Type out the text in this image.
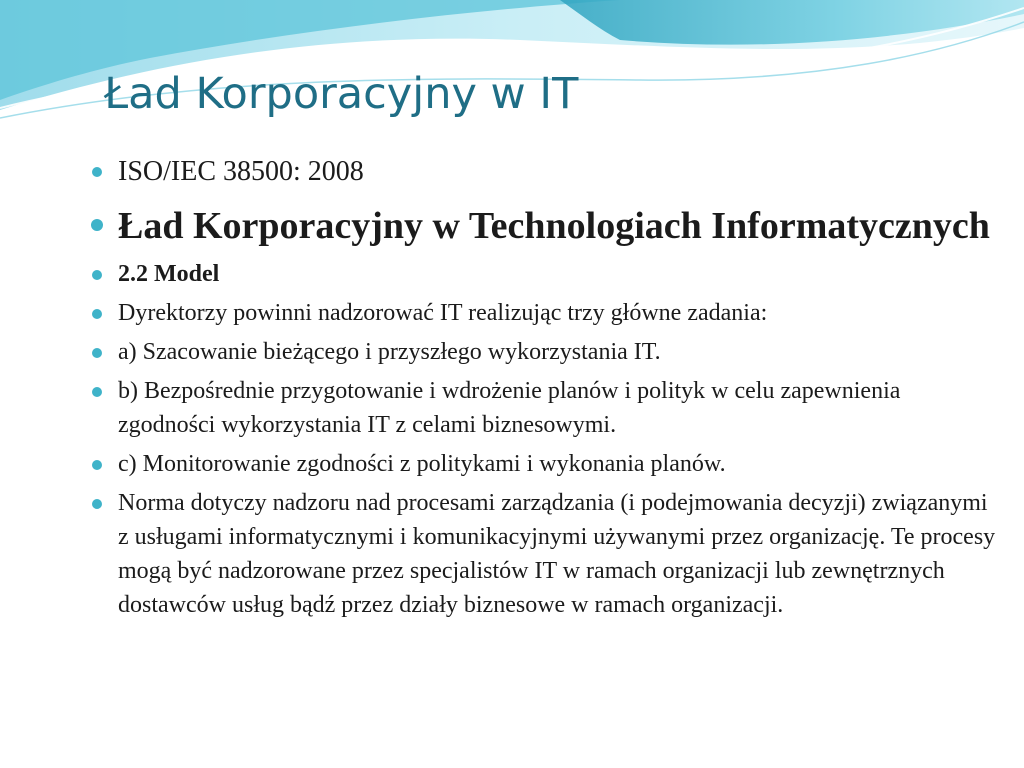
Ład Korporacyjny w IT
ISO/IEC 38500: 2008
Ład Korporacyjny w Technologiach Informatycznych
2.2 Model
Dyrektorzy powinni nadzorować IT realizując trzy główne zadania:
a) Szacowanie bieżącego i przyszłego wykorzystania IT.
b) Bezpośrednie przygotowanie i wdrożenie planów i polityk w celu zapewnienia zgodności wykorzystania IT z celami biznesowymi.
c) Monitorowanie zgodności z politykami i wykonania planów.
Norma dotyczy nadzoru nad procesami zarządzania (i podejmowania decyzji) związanymi z usługami informatycznymi i komunikacyjnymi używanymi przez organizację. Te procesy mogą być nadzorowane przez specjalistów IT w ramach organizacji lub zewnętrznych dostawców usług bądź przez działy biznesowe w ramach organizacji.
